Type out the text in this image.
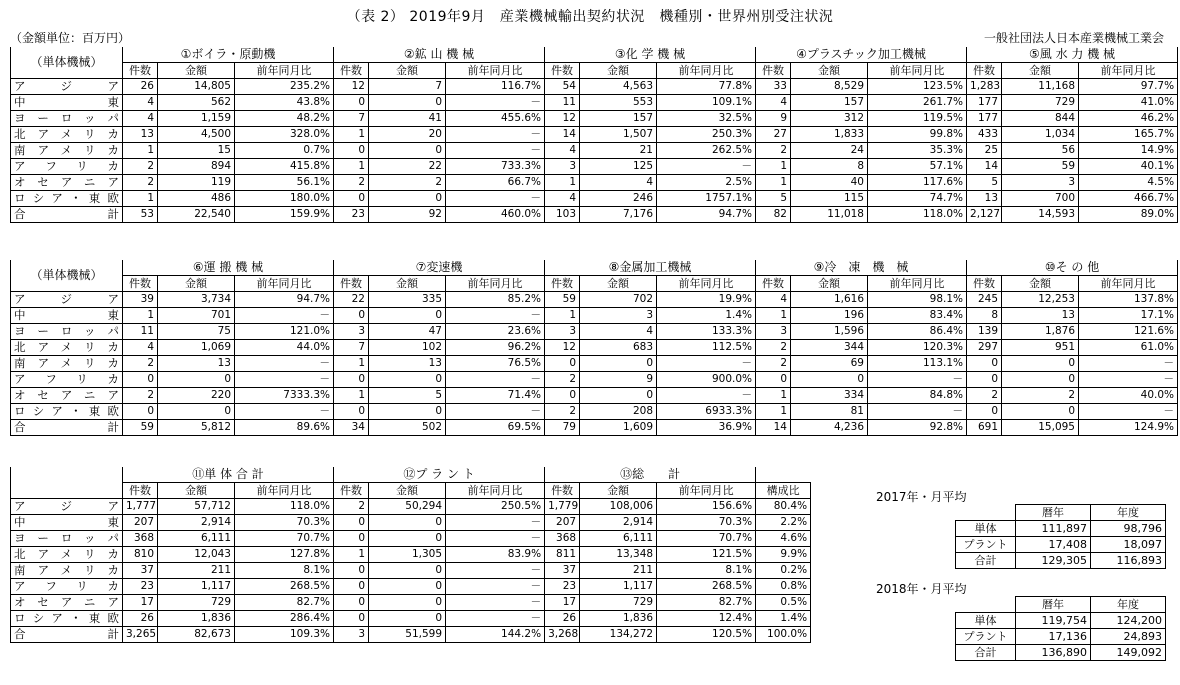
（表 2） 2019年9月　産業機械輸出契約状況　機種別・世界州別受注状況
（金額単位：百万円）	一般社団法人日本産業機械工業会
（単体機械）	①ボイラ・原動機			②鉱 山 機 械			③化 学 機 械			④プラスチック加工機械			⑤風 水 力 機 械		
	件数	金額	前年同月比	件数	金額	前年同月比	件数	金額	前年同月比	件数	金額	前年同月比	件数	金額	前年同月比
アジア	26	14,805	235.2%	12	7	116.7%	54	4,563	77.8%	33	8,529	123.5%	1,283	11,168	97.7%
中東	4	562	43.8%	0	0	－	11	553	109.1%	4	157	261.7%	177	729	41.0%
ヨーロッパ	4	1,159	48.2%	7	41	455.6%	12	157	32.5%	9	312	119.5%	177	844	46.2%
北アメリカ	13	4,500	328.0%	1	20	－	14	1,507	250.3%	27	1,833	99.8%	433	1,034	165.7%
南アメリカ	1	15	0.7%	0	0	－	4	21	262.5%	2	24	35.3%	25	56	14.9%
アフリカ	2	894	415.8%	1	22	733.3%	3	125	－	1	8	57.1%	14	59	40.1%
オセアニア	2	119	56.1%	2	2	66.7%	1	4	2.5%	1	40	117.6%	5	3	4.5%
ロシア・東欧	1	486	180.0%	0	0	－	4	246	1757.1%	5	115	74.7%	13	700	466.7%
合計	53	22,540	159.9%	23	92	460.0%	103	7,176	94.7%	82	11,018	118.0%	2,127	14,593	89.0%
（単体機械）	⑥運 搬 機 械			⑦変速機			⑧金属加工機械			⑨冷　凍　機　械			⑩そ の 他		
	件数	金額	前年同月比	件数	金額	前年同月比	件数	金額	前年同月比	件数	金額	前年同月比	件数	金額	前年同月比
アジア	39	3,734	94.7%	22	335	85.2%	59	702	19.9%	4	1,616	98.1%	245	12,253	137.8%
中東	1	701	－	0	0	－	1	3	1.4%	1	196	83.4%	8	13	17.1%
ヨーロッパ	11	75	121.0%	3	47	23.6%	3	4	133.3%	3	1,596	86.4%	139	1,876	121.6%
北アメリカ	4	1,069	44.0%	7	102	96.2%	12	683	112.5%	2	344	120.3%	297	951	61.0%
南アメリカ	2	13	－	1	13	76.5%	0	0	－	2	69	113.1%	0	0	－
アフリカ	0	0	－	0	0	－	2	9	900.0%	0	0	－	0	0	－
オセアニア	2	220	7333.3%	1	5	71.4%	0	0	－	1	334	84.8%	2	2	40.0%
ロシア・東欧	0	0	－	0	0	－	2	208	6933.3%	1	81	－	0	0	－
合計	59	5,812	89.6%	34	502	69.5%	79	1,609	36.9%	14	4,236	92.8%	691	15,095	124.9%
	⑪単 体 合 計			⑫プ ラ ン ト			⑬総　　計			
	件数	金額	前年同月比	件数	金額	前年同月比	件数	金額	前年同月比	構成比
アジア	1,777	57,712	118.0%	2	50,294	250.5%	1,779	108,006	156.6%	80.4%
中東	207	2,914	70.3%	0	0	－	207	2,914	70.3%	2.2%
ヨーロッパ	368	6,111	70.7%	0	0	－	368	6,111	70.7%	4.6%
北アメリカ	810	12,043	127.8%	1	1,305	83.9%	811	13,348	121.5%	9.9%
南アメリカ	37	211	8.1%	0	0	－	37	211	8.1%	0.2%
アフリカ	23	1,117	268.5%	0	0	－	23	1,117	268.5%	0.8%
オセアニア	17	729	82.7%	0	0	－	17	729	82.7%	0.5%
ロシア・東欧	26	1,836	286.4%	0	0	－	26	1,836	12.4%	1.4%
合計	3,265	82,673	109.3%	3	51,599	144.2%	3,268	134,272	120.5%	100.0%
2017年・月平均
	暦年	年度
単体	111,897	98,796
プラント	17,408	18,097
合計	129,305	116,893
2018年・月平均
	暦年	年度
単体	119,754	124,200
プラント	17,136	24,893
合計	136,890	149,092
